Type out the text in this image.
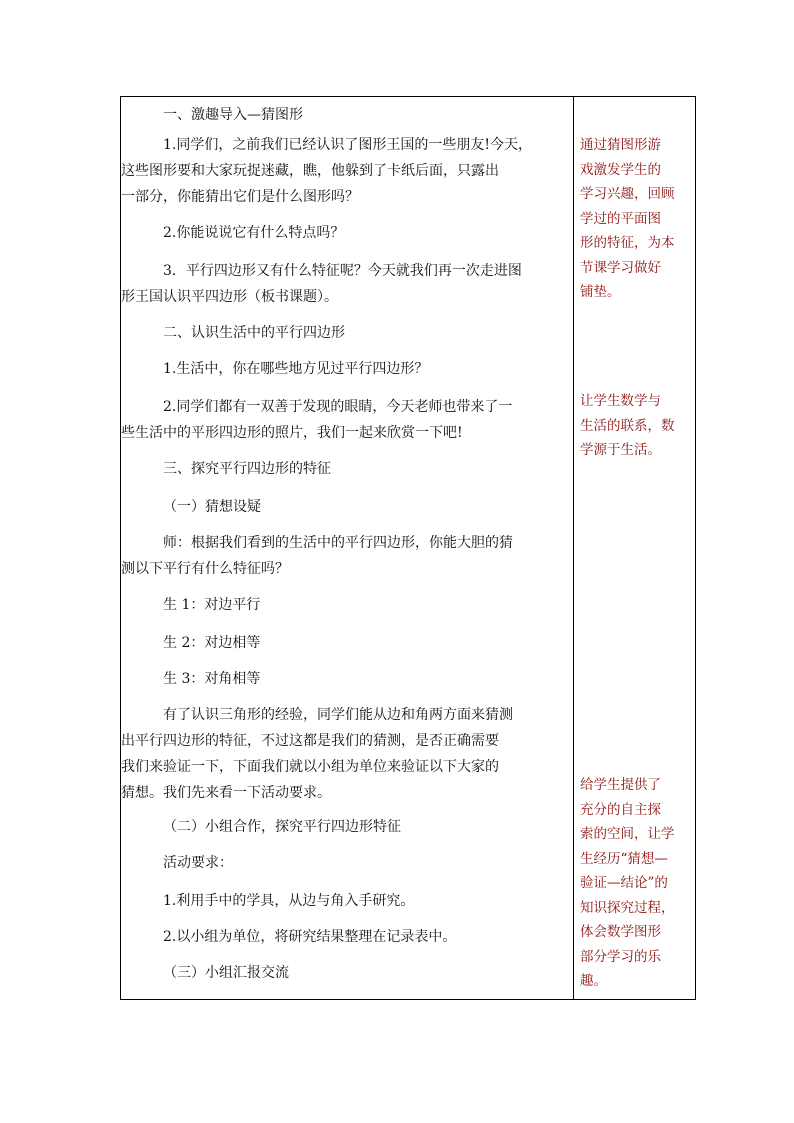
一、激趣导入—猜图形
1.同学们，之前我们已经认识了图形王国的一些朋友!今天，
这些图形要和大家玩捉迷藏，瞧，他躲到了卡纸后面，只露出
一部分，你能猜出它们是什么图形吗？
2.你能说说它有什么特点吗？
3．平行四边形又有什么特征呢？今天就我们再一次走进图
形王国认识平四边形（板书课题）。
二、认识生活中的平行四边形
1.生活中，你在哪些地方见过平行四边形？
2.同学们都有一双善于发现的眼睛，今天老师也带来了一
些生活中的平形四边形的照片，我们一起来欣赏一下吧!
三、探究平行四边形的特征
（一）猜想设疑
师：根据我们看到的生活中的平行四边形，你能大胆的猜
测以下平行有什么特征吗？
生 1：对边平行
生 2：对边相等
生 3：对角相等
有了认识三角形的经验，同学们能从边和角两方面来猜测
出平行四边形的特征，不过这都是我们的猜测，是否正确需要
我们来验证一下，下面我们就以小组为单位来验证以下大家的
猜想。我们先来看一下活动要求。
（二）小组合作，探究平行四边形特征
活动要求：
1.利用手中的学具，从边与角入手研究。
2.以小组为单位，将研究结果整理在记录表中。
（三）小组汇报交流
通过猜图形游
戏激发学生的
学习兴趣，回顾
学过的平面图
形的特征，为本
节课学习做好
铺垫。
让学生数学与
生活的联系，数
学源于生活。
给学生提供了
充分的自主探
索的空间，让学
生经历“猜想—
验证—结论”的
知识探究过程，
体会数学图形
部分学习的乐
趣。
